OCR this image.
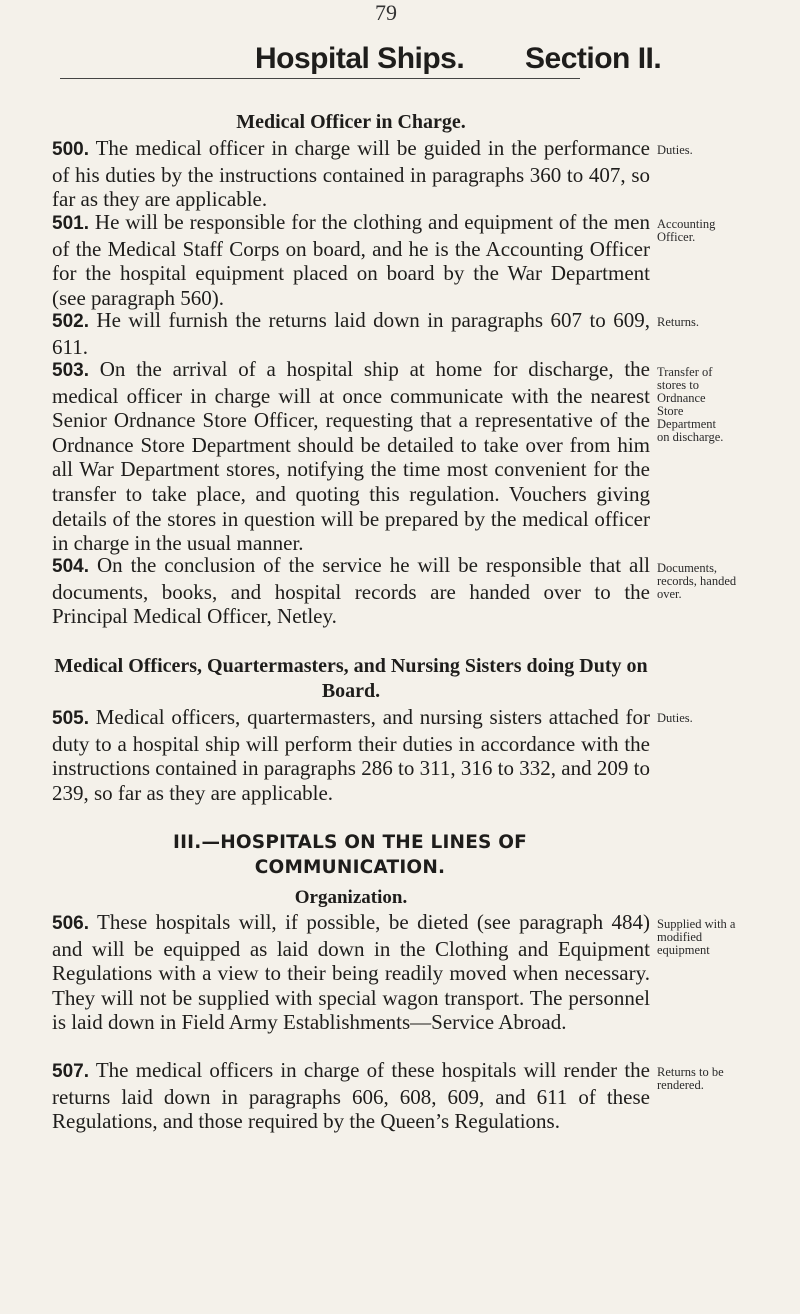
79
Hospital Ships. Section II.
Medical Officer in Charge.

500. The medical officer in charge will be guided in the performance of his duties by the instructions contained in paragraphs 360 to 407, so far as they are applicable.

501. He will be responsible for the clothing and equipment of the men of the Medical Staff Corps on board, and he is the Accounting Officer for the hospital equipment placed on board by the War Department (see paragraph 560).

502. He will furnish the returns laid down in paragraphs 607 to 609, 611.

503. On the arrival of a hospital ship at home for discharge, the medical officer in charge will at once communicate with the nearest Senior Ordnance Store Officer, requesting that a representative of the Ordnance Store Department should be detailed to take over from him all War Department stores, notifying the time most convenient for the transfer to take place, and quoting this regulation. Vouchers giving details of the stores in question will be prepared by the medical officer in charge in the usual manner.

504. On the conclusion of the service he will be responsible that all documents, books, and hospital records are handed over to the Principal Medical Officer, Netley.

Medical Officers, Quartermasters, and Nursing Sisters doing Duty on Board.

505. Medical officers, quartermasters, and nursing sisters attached for duty to a hospital ship will perform their duties in accordance with the instructions contained in paragraphs 286 to 311, 316 to 332, and 209 to 239, so far as they are applicable.

III.—HOSPITALS ON THE LINES OF COMMUNICATION.
Organization.

506. These hospitals will, if possible, be dieted (see paragraph 484) and will be equipped as laid down in the Clothing and Equipment Regulations with a view to their being readily moved when necessary. They will not be supplied with special wagon transport. The personnel is laid down in Field Army Establishments—Service Abroad.

507. The medical officers in charge of these hospitals will render the returns laid down in paragraphs 606, 608, 609, and 611 of these Regulations, and those required by the Queen’s Regulations.

Duties.
Accounting Officer.
Returns.
Transfer of stores to Ordnance Store Department on discharge.
Documents, records, handed over.
Duties.
Supplied with a modified equipment
Returns to be rendered.
